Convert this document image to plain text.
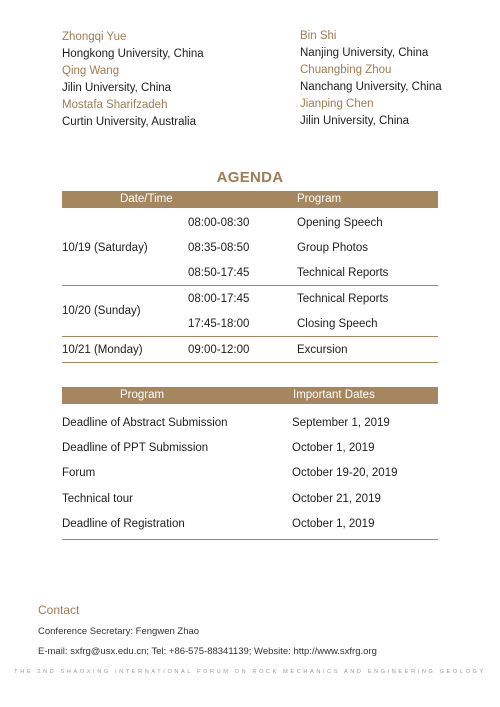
Zhongqi Yue
Hongkong University, China
Qing Wang
Jilin University, China
Mostafa Sharifzadeh
Curtin University, Australia
Bin Shi
Nanjing University, China
Chuangbing Zhou
Nanchang University, China
Jianping Chen
Jilin University, China
AGENDA
Date/Time	Program
10/19 (Saturday)
08:00-08:30	Opening Speech
08:35-08:50	Group Photos
08:50-17:45	Technical Reports
10/20 (Sunday)
08:00-17:45	Technical Reports
17:45-18:00	Closing Speech
10/21 (Monday)	09:00-12:00	Excursion
Program	Important Dates
Deadline of Abstract Submission	September 1, 2019
Deadline of PPT Submission	October 1, 2019
Forum	October 19-20, 2019
Technical tour	October 21, 2019
Deadline of Registration	October 1, 2019
Contact
Conference Secretary: Fengwen Zhao
E-mail: sxfrg@usx.edu.cn; Tel: +86-575-88341139; Website: http://www.sxfrg.org
THE 2ND SHAOXING INTERNATIONAL FORUM ON ROCK MECHANICS AND ENGINEERING GEOLOGY
